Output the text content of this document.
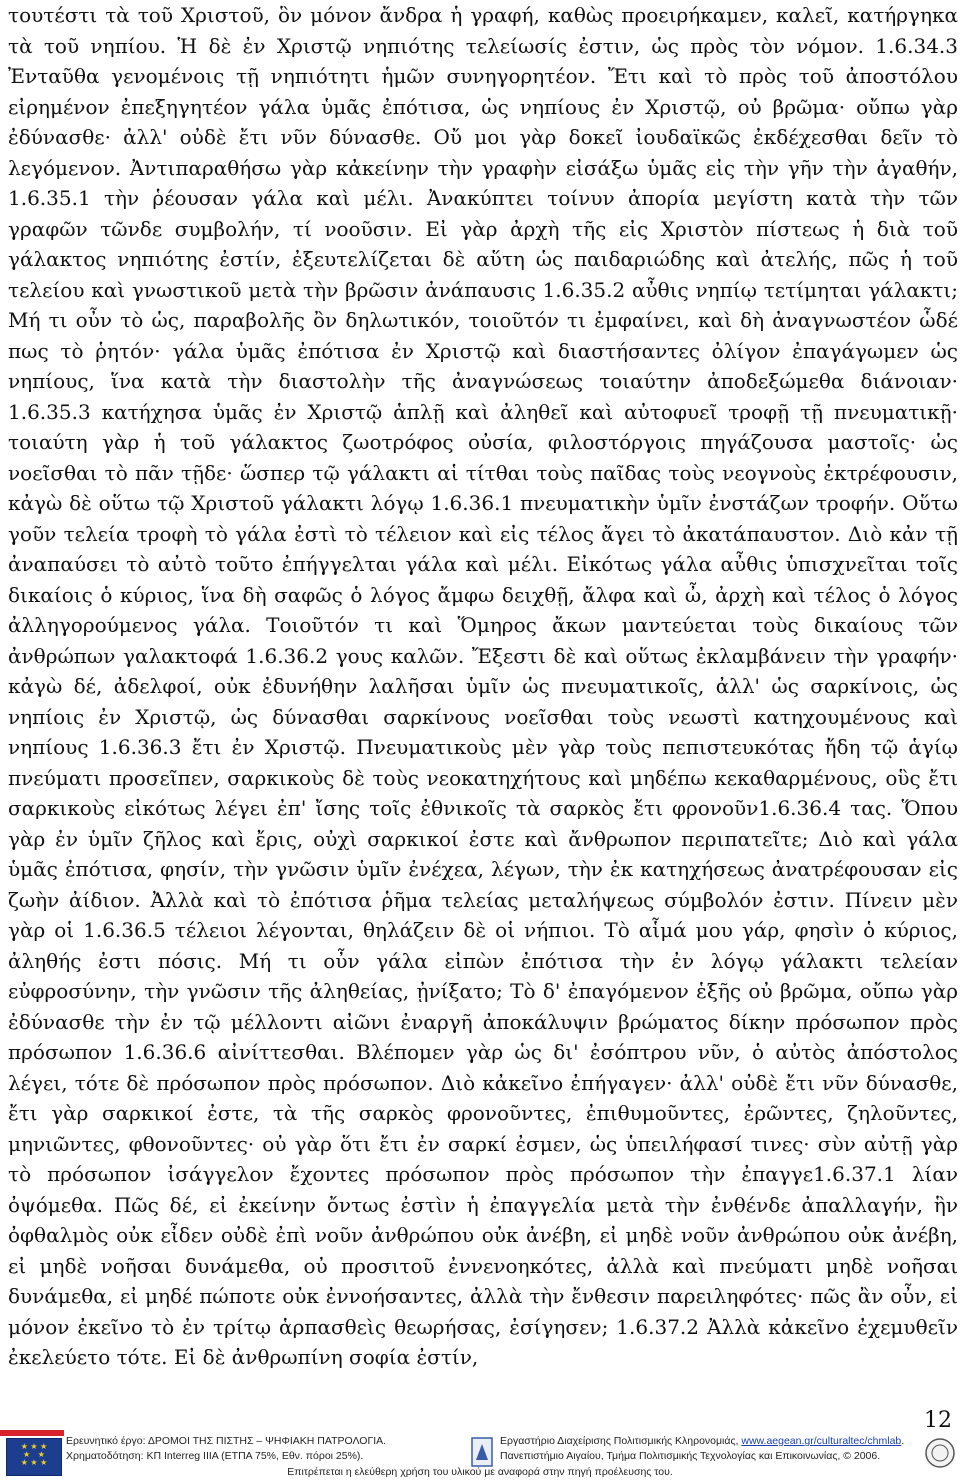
τουτέστι τὰ τοῦ Χριστοῦ, ὃν μόνον ἄνδρα ἡ γραφή, καθὼς προειρήκαμεν, καλεῖ, κατήργηκα τὰ τοῦ νηπίου. Ἡ δὲ ἐν Χριστῷ νηπιότης τελείωσίς ἐστιν, ὡς πρὸς τὸν νόμον. 1.6.34.3 Ἐνταῦθα γενομένοις τῇ νηπιότητι ἡμῶν συνηγορητέον. Ἔτι καὶ τὸ πρὸς τοῦ ἀποστόλου εἰρημένον ἐπεξηγητέον γάλα ὑμᾶς ἐπότισα, ὡς νηπίους ἐν Χριστῷ, οὐ βρῶμα· οὔπω γὰρ ἐδύνασθε· ἀλλ' οὐδὲ ἔτι νῦν δύνασθε. Οὔ μοι γὰρ δοκεῖ ἰουδαϊκῶς ἐκδέχεσθαι δεῖν τὸ λεγόμενον. Ἀντιπαραθήσω γὰρ κἀκείνην τὴν γραφὴν εἰσάξω ὑμᾶς εἰς τὴν γῆν τὴν ἀγαθήν, 1.6.35.1 τὴν ῥέουσαν γάλα καὶ μέλι. Ἀνακύπτει τοίνυν ἀπορία μεγίστη κατὰ τὴν τῶν γραφῶν τῶνδε συμβολήν, τί νοοῦσιν. Εἰ γὰρ ἀρχὴ τῆς εἰς Χριστὸν πίστεως ἡ διὰ τοῦ γάλακτος νηπιότης ἐστίν, ἐξευτελίζεται δὲ αὕτη ὡς παιδαριώδης καὶ ἀτελής, πῶς ἡ τοῦ τελείου καὶ γνωστικοῦ μετὰ τὴν βρῶσιν ἀνάπαυσις 1.6.35.2 αὖθις νηπίῳ τετίμηται γάλακτι; Μή τι οὖν τὸ ὡς, παραβολῆς ὂν δηλωτικόν, τοιοῦτόν τι ἐμφαίνει, καὶ δὴ ἀναγνωστέον ὧδέ πως τὸ ῥητόν· γάλα ὑμᾶς ἐπότισα ἐν Χριστῷ καὶ διαστήσαντες ὀλίγον ἐπαγάγωμεν ὡς νηπίους, ἵνα κατὰ τὴν διαστολὴν τῆς ἀναγνώσεως τοιαύτην ἀποδεξώμεθα διάνοιαν· 1.6.35.3 κατήχησα ὑμᾶς ἐν Χριστῷ ἁπλῇ καὶ ἀληθεῖ καὶ αὐτοφυεῖ τροφῇ τῇ πνευματικῇ· τοιαύτη γὰρ ἡ τοῦ γάλακτος ζωοτρόφος οὐσία, φιλοστόργοις πηγάζουσα μαστοῖς· ὡς νοεῖσθαι τὸ πᾶν τῇδε· ὥσπερ τῷ γάλακτι αἱ τίτθαι τοὺς παῖδας τοὺς νεογνοὺς ἐκτρέφουσιν, κἀγὼ δὲ οὕτω τῷ Χριστοῦ γάλακτι λόγῳ 1.6.36.1 πνευματικὴν ὑμῖν ἐνστάζων τροφήν. Οὕτω γοῦν τελεία τροφὴ τὸ γάλα ἐστὶ τὸ τέλειον καὶ εἰς τέλος ἄγει τὸ ἀκατάπαυστον. Διὸ κἀν τῇ ἀναπαύσει τὸ αὐτὸ τοῦτο ἐπήγγελται γάλα καὶ μέλι. Εἰκότως γάλα αὖθις ὑπισχνεῖται τοῖς δικαίοις ὁ κύριος, ἵνα δὴ σαφῶς ὁ λόγος ἄμφω δειχθῇ, ἄλφα καὶ ὦ, ἀρχὴ καὶ τέλος ὁ λόγος ἀλληγορούμενος γάλα. Τοιοῦτόν τι καὶ Ὅμηρος ἄκων μαντεύεται τοὺς δικαίους τῶν ἀνθρώπων γαλακτοφά 1.6.36.2 γους καλῶν. Ἔξεστι δὲ καὶ οὕτως ἐκλαμβάνειν τὴν γραφήν· κἀγὼ δέ, ἀδελφοί, οὐκ ἐδυνήθην λαλῆσαι ὑμῖν ὡς πνευματικοῖς, ἀλλ' ὡς σαρκίνοις, ὡς νηπίοις ἐν Χριστῷ, ὡς δύνασθαι σαρκίνους νοεῖσθαι τοὺς νεωστὶ κατηχουμένους καὶ νηπίους 1.6.36.3 ἔτι ἐν Χριστῷ. Πνευματικοὺς μὲν γὰρ τοὺς πεπιστευκότας ἤδη τῷ ἁγίῳ πνεύματι προσεῖπεν, σαρκικοὺς δὲ τοὺς νεοκατηχήτους καὶ μηδέπω κεκαθαρμένους, οὓς ἔτι σαρκικοὺς εἰκότως λέγει ἐπ' ἴσης τοῖς ἐθνικοῖς τὰ σαρκὸς ἔτι φρονοῦν1.6.36.4 τας. Ὅπου γὰρ ἐν ὑμῖν ζῆλος καὶ ἔρις, οὐχὶ σαρκικοί ἐστε καὶ ἄνθρωπον περιπατεῖτε; Διὸ καὶ γάλα ὑμᾶς ἐπότισα, φησίν, τὴν γνῶσιν ὑμῖν ἐνέχεα, λέγων, τὴν ἐκ κατηχήσεως ἀνατρέφουσαν εἰς ζωὴν ἀίδιον. Ἀλλὰ καὶ τὸ ἐπότισα ῥῆμα τελείας μεταλήψεως σύμβολόν ἐστιν. Πίνειν μὲν γὰρ οἱ 1.6.36.5 τέλειοι λέγονται, θηλάζειν δὲ οἱ νήπιοι. Τὸ αἷμά μου γάρ, φησὶν ὁ κύριος, ἀληθής ἐστι πόσις. Μή τι οὖν γάλα εἰπὼν ἐπότισα τὴν ἐν λόγῳ γάλακτι τελείαν εὐφροσύνην, τὴν γνῶσιν τῆς ἀληθείας, ᾐνίξατο; Τὸ δ' ἐπαγόμενον ἑξῆς οὐ βρῶμα, οὔπω γὰρ ἐδύνασθε τὴν ἐν τῷ μέλλοντι αἰῶνι ἐναργῆ ἀποκάλυψιν βρώματος δίκην πρόσωπον πρὸς πρόσωπον 1.6.36.6 αἰνίττεσθαι. Βλέπομεν γὰρ ὡς δι' ἐσόπτρου νῦν, ὁ αὐτὸς ἀπόστολος λέγει, τότε δὲ πρόσωπον πρὸς πρόσωπον. Διὸ κἀκεῖνο ἐπήγαγεν· ἀλλ' οὐδὲ ἔτι νῦν δύνασθε, ἔτι γὰρ σαρκικοί ἐστε, τὰ τῆς σαρκὸς φρονοῦντες, ἐπιθυμοῦντες, ἐρῶντες, ζηλοῦντες, μηνιῶντες, φθονοῦντες· οὐ γὰρ ὅτι ἔτι ἐν σαρκί ἐσμεν, ὡς ὑπειλήφασί τινες· σὺν αὐτῇ γὰρ τὸ πρόσωπον ἰσάγγελον ἔχοντες πρόσωπον πρὸς πρόσωπον τὴν ἐπαγγε1.6.37.1 λίαν ὀψόμεθα. Πῶς δέ, εἰ ἐκείνην ὄντως ἐστὶν ἡ ἐπαγγελία μετὰ τὴν ἐνθένδε ἀπαλλαγήν, ἣν ὀφθαλμὸς οὐκ εἶδεν οὐδὲ ἐπὶ νοῦν ἀνθρώπου οὐκ ἀνέβη, εἰ μηδὲ νοῦν ἀνθρώπου οὐκ ἀνέβη, εἰ μηδὲ νοῆσαι δυνάμεθα, οὐ προσιτοῦ ἐννενοηκότες, ἀλλὰ καὶ πνεύματι μηδὲ νοῆσαι δυνάμεθα, εἰ μηδέ πώποτε οὐκ ἐννοήσαντες, ἀλλὰ τὴν ἔνθεσιν παρειληφότες· πῶς ἂν οὖν, εἰ μόνον ἐκεῖνο τὸ ἐν τρίτῳ ἁρπασθεὶς θεωρήσας, ἐσίγησεν; 1.6.37.2 Ἀλλὰ κἀκεῖνο ἐχεμυθεῖν ἐκελεύετο τότε. Εἰ δὲ ἀνθρωπίνη σοφία ἐστίν,

12
★ ★ ★
★   ★
★ ★ ★
Ερευνητικό έργο: ΔΡΟΜΟΙ ΤΗΣ ΠΙΣΤΗΣ – ΨΗΦΙΑΚΗ ΠΑΤΡΟΛΟΓΙΑ.
Χρηματοδότηση: ΚΠ Interreg IIIA (ΕΤΠΑ 75%, Εθν. πόροι 25%).
Εργαστήριο Διαχείρισης Πολιτισμικής Κληρονομιάς, www.aegean.gr/culturaltec/chmlab.
Πανεπιστήμιο Αιγαίου, Τμήμα Πολιτισμικής Τεχνολογίας και Επικοινωνίας, © 2006.
Επιτρέπεται η ελεύθερη χρήση του υλικού με αναφορά στην πηγή προέλευσης του.
